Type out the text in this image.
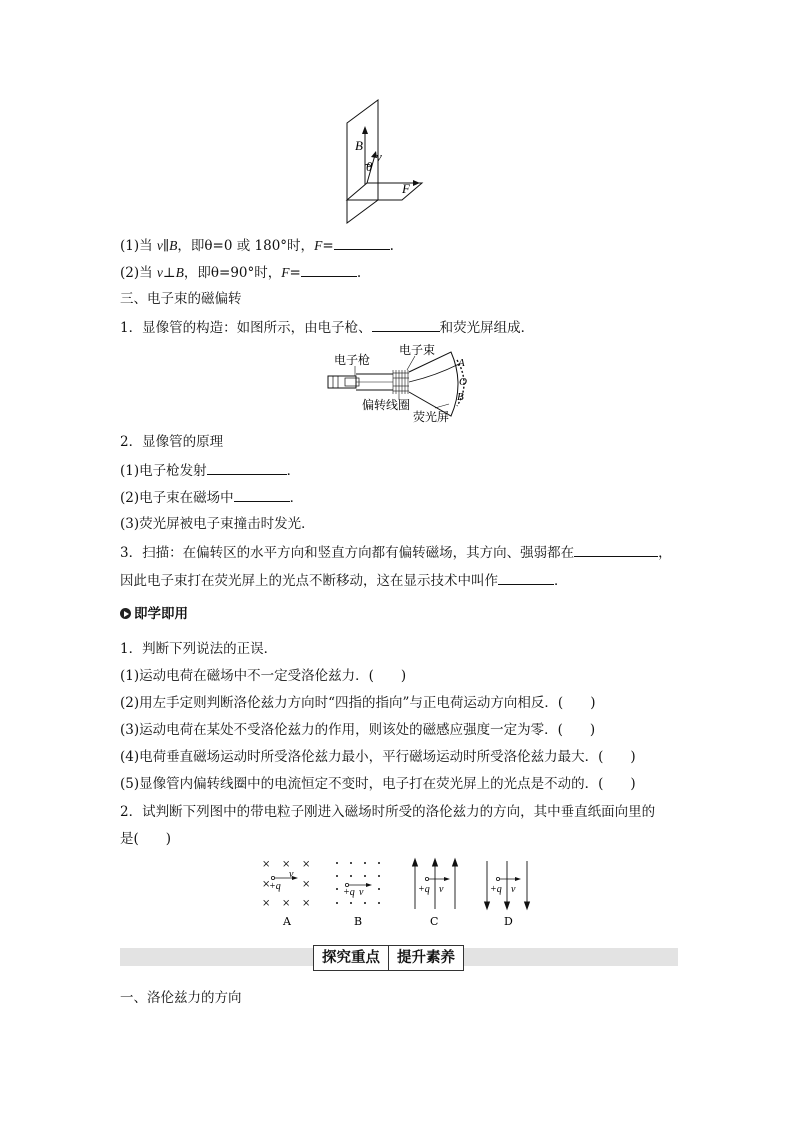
B
v
θ
F
(1)当 v∥B，即θ=0 或 180°时，F=	.
(2)当 v⊥B，即θ=90°时，F=	.
三、电子束的磁偏转
1．显像管的构造：如图所示，由电子枪、	和荧光屏组成．
电子枪
电子束
偏转线圈
荧光屏
A
O
B
2．显像管的原理
(1)电子枪发射	．
(2)电子束在磁场中	．
(3)荧光屏被电子束撞击时发光．
3．扫描：在偏转区的水平方向和竖直方向都有偏转磁场，其方向、强弱都在	，
因此电子束打在荧光屏上的光点不断移动，这在显示技术中叫作	．
即学即用
1．判断下列说法的正误．
(1)运动电荷在磁场中不一定受洛伦兹力．(　　)
(2)用左手定则判断洛伦兹力方向时“四指的指向”与正电荷运动方向相反．(　　)
(3)运动电荷在某处不受洛伦兹力的作用，则该处的磁感应强度一定为零．(　　)
(4)电荷垂直磁场运动时所受洛伦兹力最小，平行磁场运动时所受洛伦兹力最大．(　　)
(5)显像管内偏转线圈中的电流恒定不变时，电子打在荧光屏上的光点是不动的．(　　)
2．试判断下列图中的带电粒子刚进入磁场时所受的洛伦兹力的方向，其中垂直纸面向里的
是(　　)
× × ×
×	×
× × ×
+q
v
A
+q v
B
+q v
C
+q v
D
探究重点	提升素养
一、洛伦兹力的方向
